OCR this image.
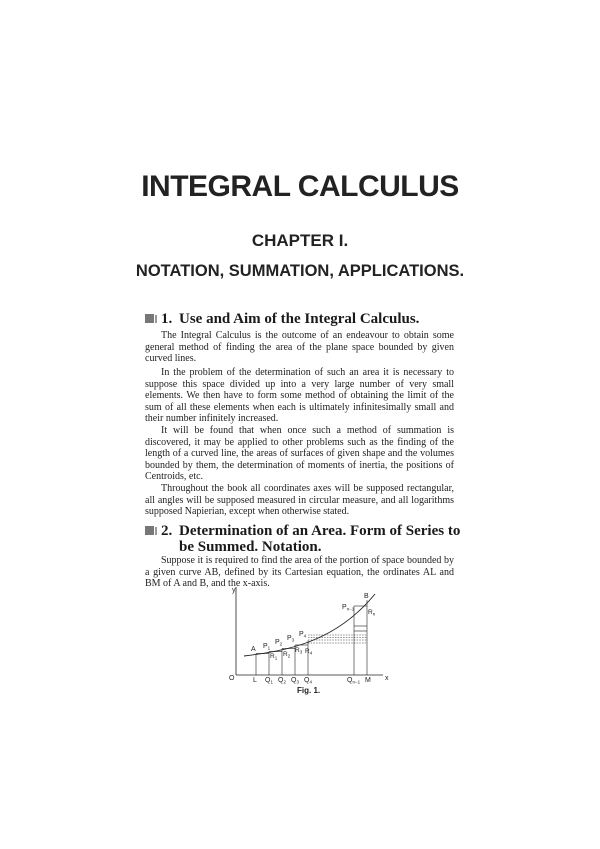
INTEGRAL CALCULUS
CHAPTER I.
NOTATION, SUMMATION, APPLICATIONS.
1. Use and Aim of the Integral Calculus.

The Integral Calculus is the outcome of an endeavour to obtain some general method of finding the area of the plane space bounded by given curved lines.

In the problem of the determination of such an area it is necessary to suppose this space divided up into a very large number of very small elements. We then have to form some method of obtaining the limit of the sum of all these elements when each is ultimately infinitesimally small and their number infinitely increased.

It will be found that when once such a method of summation is discovered, it may be applied to other problems such as the finding of the length of a curved line, the areas of surfaces of given shape and the volumes bounded by them, the determination of moments of inertia, the positions of Centroids, etc.

Throughout the book all coordinates axes will be supposed rectangular, all angles will be supposed measured in circular measure, and all logarithms supposed Napierian, except when otherwise stated.

2. Determination of an Area. Form of Series to be Summed. Notation.

Suppose it is required to find the area of the portion of space bounded by a given curve AB, defined by its Cartesian equation, the ordinates AL and BM of A and B, and the x-axis.

O
y
x
A $P_1$
$P_2$
$P_3$
$P_4$
$P_{n-1}$
B
$R_1$ $R_2$
$R_3$ $R_4$
$R_n$
L $Q_1$ $Q_2$ $Q_3$ $Q_4$	$Q_{n-1}$ M
Fig. 1.
